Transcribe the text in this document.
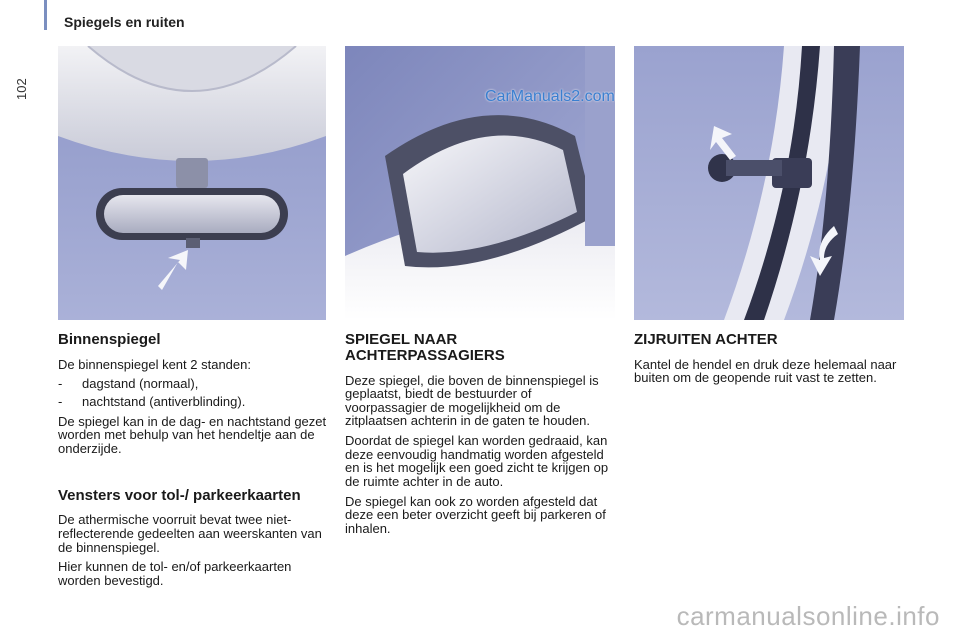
102
Spiegels en ruiten
CarManuals2.com
Binnenspiegel

De binnenspiegel kent 2 standen:

-	dagstand (normaal),
-	nachtstand (antiverblinding).

De spiegel kan in de dag- en nachtstand gezet worden met behulp van het hendeltje aan de onderzijde.

Vensters voor tol-/ parkeerkaarten

De athermische voorruit bevat twee niet-reflecterende gedeelten aan weerskanten van de binnenspiegel.

Hier kunnen de tol- en/of parkeerkaarten worden bevestigd.

SPIEGEL NAAR ACHTERPASSAGIERS

Deze spiegel, die boven de binnenspiegel is geplaatst, biedt de bestuurder of voorpassagier de mogelijkheid om de zitplaatsen achterin in de gaten te houden.

Doordat de spiegel kan worden gedraaid, kan deze eenvoudig handmatig worden afgesteld en is het mogelijk een goed zicht te krijgen op de ruimte achter in de auto.

De spiegel kan ook zo worden afgesteld dat deze een beter overzicht geeft bij parkeren of inhalen.

ZIJRUITEN ACHTER

Kantel de hendel en druk deze helemaal naar buiten om de geopende ruit vast te zetten.

carmanualsonline.info
